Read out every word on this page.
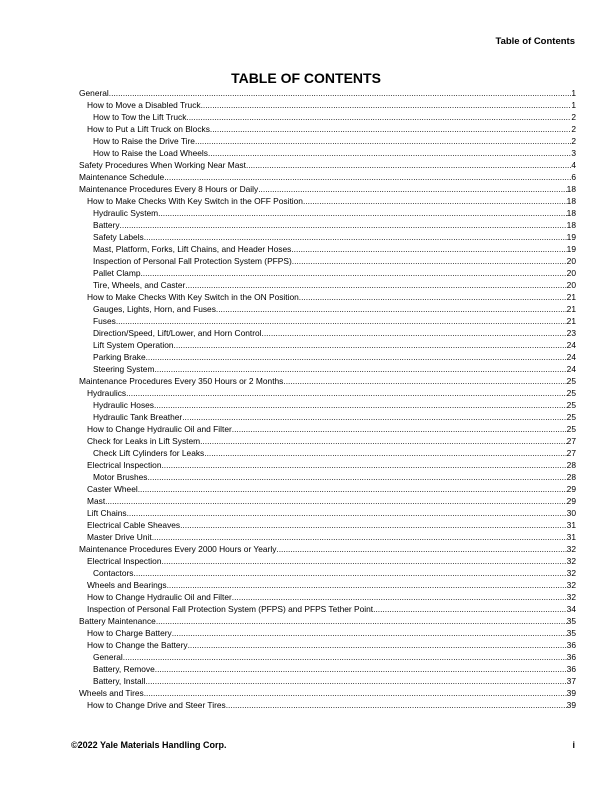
Table of Contents
TABLE OF CONTENTS
General .....	1
How to Move a Disabled Truck .....	1
How to Tow the Lift Truck .....	2
How to Put a Lift Truck on Blocks .....	2
How to Raise the Drive Tire .....	2
How to Raise the Load Wheels .....	3
Safety Procedures When Working Near Mast .....	4
Maintenance Schedule .....	6
Maintenance Procedures Every 8 Hours or Daily .....	18
How to Make Checks With Key Switch in the OFF Position .....	18
Hydraulic System .....	18
Battery .....	18
Safety Labels .....	19
Mast, Platform, Forks, Lift Chains, and Header Hoses .....	19
Inspection of Personal Fall Protection System (PFPS) .....	20
Pallet Clamp .....	20
Tire, Wheels, and Caster .....	20
How to Make Checks With Key Switch in the ON Position .....	21
Gauges, Lights, Horn, and Fuses .....	21
Fuses .....	21
Direction/Speed, Lift/Lower, and Horn Control .....	23
Lift System Operation .....	24
Parking Brake .....	24
Steering System .....	24
Maintenance Procedures Every 350 Hours or 2 Months .....	25
Hydraulics .....	25
Hydraulic Hoses .....	25
Hydraulic Tank Breather .....	25
How to Change Hydraulic Oil and Filter .....	25
Check for Leaks in Lift System .....	27
Check Lift Cylinders for Leaks .....	27
Electrical Inspection .....	28
Motor Brushes .....	28
Caster Wheel .....	29
Mast .....	29
Lift Chains .....	30
Electrical Cable Sheaves .....	31
Master Drive Unit .....	31
Maintenance Procedures Every 2000 Hours or Yearly .....	32
Electrical Inspection .....	32
Contactors .....	32
Wheels and Bearings .....	32
How to Change Hydraulic Oil and Filter .....	32
Inspection of Personal Fall Protection System (PFPS) and PFPS Tether Point .....	34
Battery Maintenance .....	35
How to Charge Battery .....	35
How to Change the Battery .....	36
General .....	36
Battery, Remove .....	36
Battery, Install .....	37
Wheels and Tires .....	39
How to Change Drive and Steer Tires .....	39
©2022 Yale Materials Handling Corp.	i
